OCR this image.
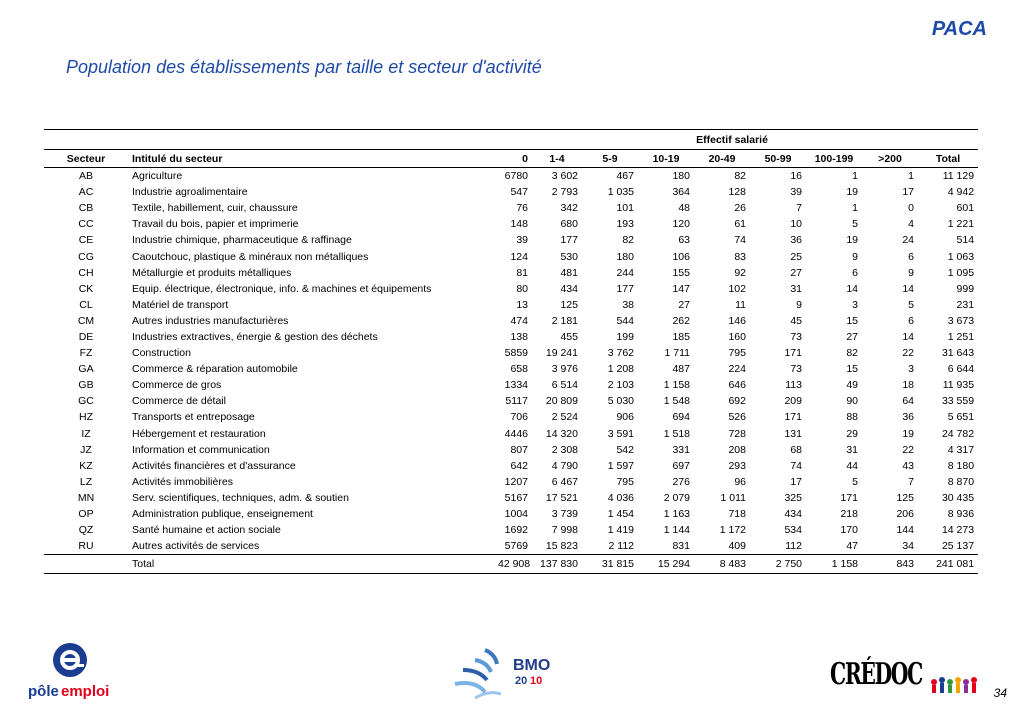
PACA
Population des établissements par taille et secteur d'activité
		Effectif salarié								
Secteur	Intitulé du secteur	0	1-4	5-9	10-19	20-49	50-99	100-199	>200	Total
AB	Agriculture	6780	3 602	467	180	82	16	1	1	11 129
AC	Industrie agroalimentaire	547	2 793	1 035	364	128	39	19	17	4 942
CB	Textile, habillement, cuir, chaussure	76	342	101	48	26	7	1	0	601
CC	Travail du bois, papier et imprimerie	148	680	193	120	61	10	5	4	1 221
CE	Industrie chimique, pharmaceutique & raffinage	39	177	82	63	74	36	19	24	514
CG	Caoutchouc, plastique & minéraux non métalliques	124	530	180	106	83	25	9	6	1 063
CH	Métallurgie et produits métalliques	81	481	244	155	92	27	6	9	1 095
CK	Equip. électrique, électronique, info. & machines et équipements	80	434	177	147	102	31	14	14	999
CL	Matériel de transport	13	125	38	27	11	9	3	5	231
CM	Autres industries manufacturières	474	2 181	544	262	146	45	15	6	3 673
DE	Industries extractives, énergie & gestion des déchets	138	455	199	185	160	73	27	14	1 251
FZ	Construction	5859	19 241	3 762	1 711	795	171	82	22	31 643
GA	Commerce & réparation automobile	658	3 976	1 208	487	224	73	15	3	6 644
GB	Commerce de gros	1334	6 514	2 103	1 158	646	113	49	18	11 935
GC	Commerce de détail	5117	20 809	5 030	1 548	692	209	90	64	33 559
HZ	Transports et entreposage	706	2 524	906	694	526	171	88	36	5 651
IZ	Hébergement et restauration	4446	14 320	3 591	1 518	728	131	29	19	24 782
JZ	Information et communication	807	2 308	542	331	208	68	31	22	4 317
KZ	Activités financières et d'assurance	642	4 790	1 597	697	293	74	44	43	8 180
LZ	Activités immobilières	1207	6 467	795	276	96	17	5	7	8 870
MN	Serv. scientifiques, techniques, adm. & soutien	5167	17 521	4 036	2 079	1 011	325	171	125	30 435
OP	Administration publique, enseignement	1004	3 739	1 454	1 163	718	434	218	206	8 936
QZ	Santé humaine et action sociale	1692	7 998	1 419	1 144	1 172	534	170	144	14 273
RU	Autres activités de services	5769	15 823	2 112	831	409	112	47	34	25 137
	Total	42 908	137 830	31 815	15 294	8 483	2 750	1 158	843	241 081
pôle emploi
BMO
20 10	CRÉDOC
34
